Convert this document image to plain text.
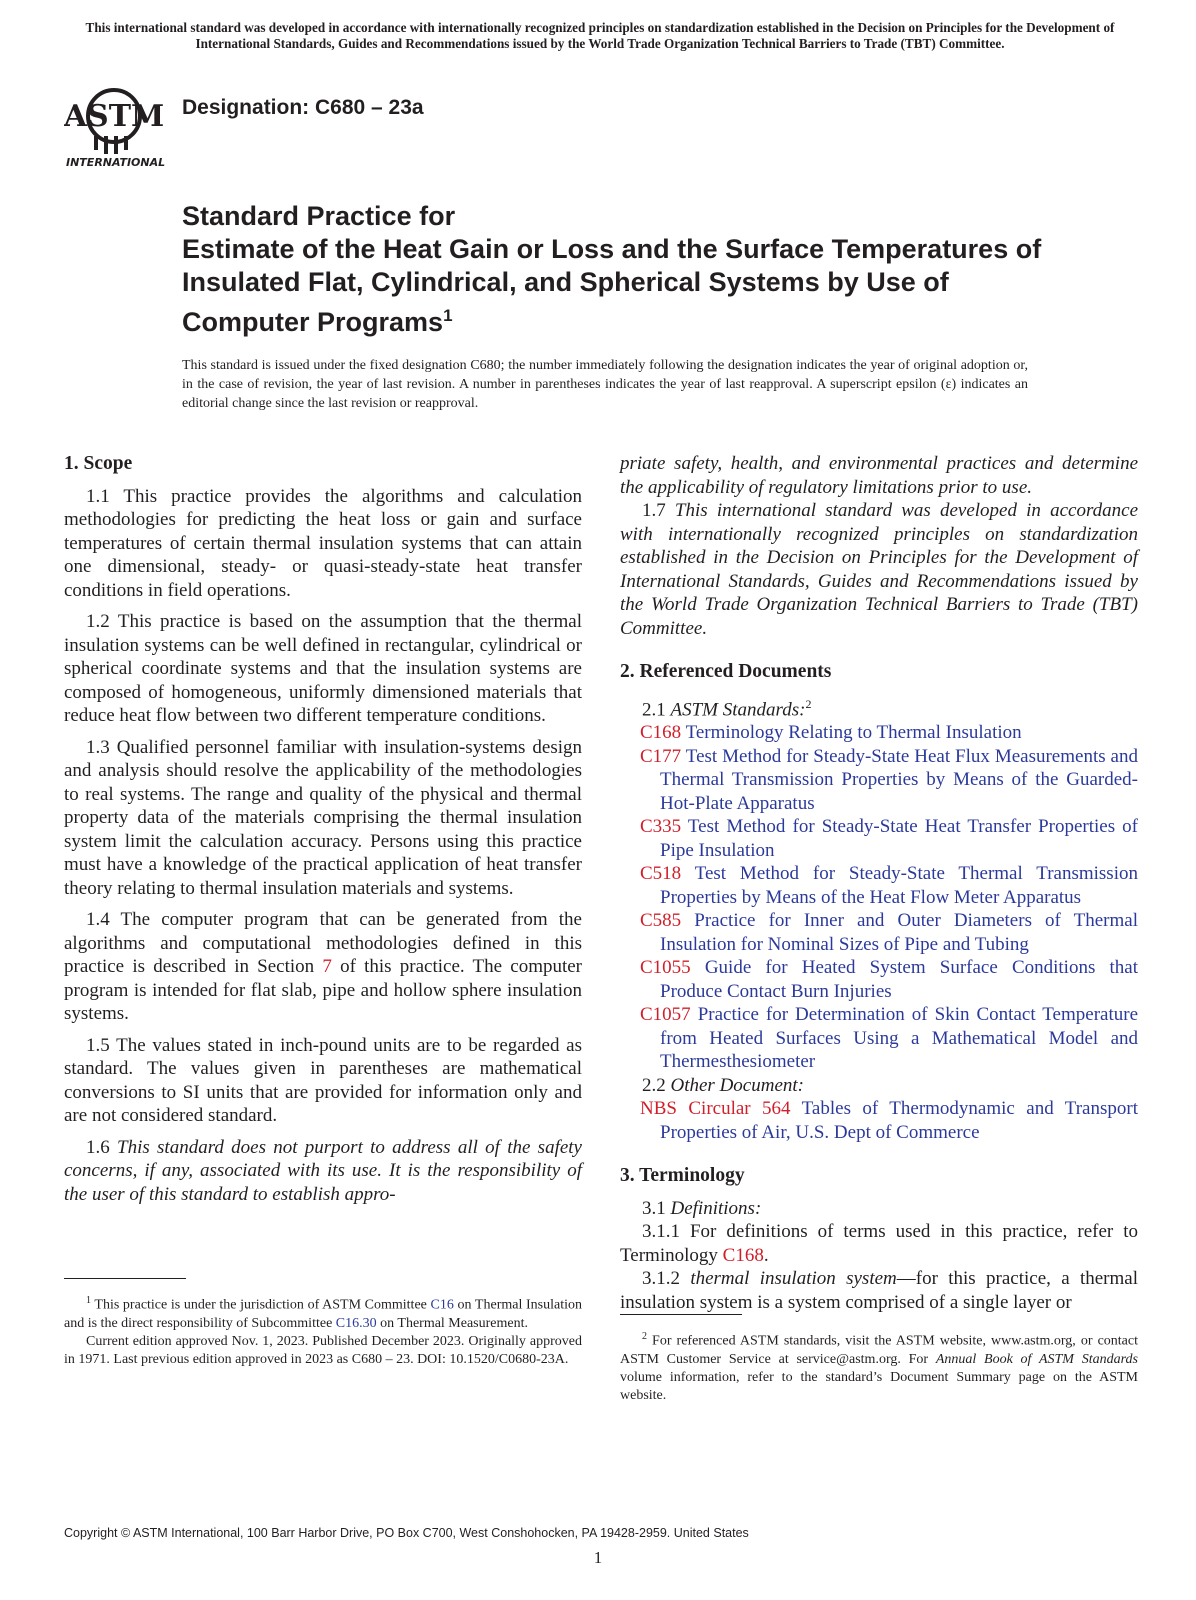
This international standard was developed in accordance with internationally recognized principles on standardization established in the Decision on Principles for the Development of International Standards, Guides and Recommendations issued by the World Trade Organization Technical Barriers to Trade (TBT) Committee.
ASTM
INTERNATIONAL
Designation: C680 – 23a
Standard Practice for
Estimate of the Heat Gain or Loss and the Surface Temperatures of Insulated Flat, Cylindrical, and Spherical Systems by Use of Computer Programs$^1$
This standard is issued under the fixed designation C680; the number immediately following the designation indicates the year of original adoption or, in the case of revision, the year of last revision. A number in parentheses indicates the year of last reapproval. A superscript epsilon (ε) indicates an editorial change since the last revision or reapproval.
1. Scope

1.1 This practice provides the algorithms and calculation methodologies for predicting the heat loss or gain and surface temperatures of certain thermal insulation systems that can attain one dimensional, steady- or quasi-steady-state heat transfer conditions in field operations.

1.2 This practice is based on the assumption that the thermal insulation systems can be well defined in rectangular, cylindrical or spherical coordinate systems and that the insulation systems are composed of homogeneous, uniformly dimensioned materials that reduce heat flow between two different temperature conditions.

1.3 Qualified personnel familiar with insulation-systems design and analysis should resolve the applicability of the methodologies to real systems. The range and quality of the physical and thermal property data of the materials comprising the thermal insulation system limit the calculation accuracy. Persons using this practice must have a knowledge of the practical application of heat transfer theory relating to thermal insulation materials and systems.

1.4 The computer program that can be generated from the algorithms and computational methodologies defined in this practice is described in Section 7 of this practice. The computer program is intended for flat slab, pipe and hollow sphere insulation systems.

1.5 The values stated in inch-pound units are to be regarded as standard. The values given in parentheses are mathematical conversions to SI units that are provided for information only and are not considered standard.

1.6 This standard does not purport to address all of the safety concerns, if any, associated with its use. It is the responsibility of the user of this standard to establish appro-

priate safety, health, and environmental practices and determine the applicability of regulatory limitations prior to use.

1.7 This international standard was developed in accordance with internationally recognized principles on standardization established in the Decision on Principles for the Development of International Standards, Guides and Recommendations issued by the World Trade Organization Technical Barriers to Trade (TBT) Committee.

2. Referenced Documents

2.1 ASTM Standards:$^2$

C168 Terminology Relating to Thermal Insulation

C177 Test Method for Steady-State Heat Flux Measurements and Thermal Transmission Properties by Means of the Guarded-Hot-Plate Apparatus

C335 Test Method for Steady-State Heat Transfer Properties of Pipe Insulation

C518 Test Method for Steady-State Thermal Transmission Properties by Means of the Heat Flow Meter Apparatus

C585 Practice for Inner and Outer Diameters of Thermal Insulation for Nominal Sizes of Pipe and Tubing

C1055 Guide for Heated System Surface Conditions that Produce Contact Burn Injuries

C1057 Practice for Determination of Skin Contact Temperature from Heated Surfaces Using a Mathematical Model and Thermesthesiometer

2.2 Other Document:

NBS Circular 564 Tables of Thermodynamic and Transport Properties of Air, U.S. Dept of Commerce

3. Terminology

3.1 Definitions:

3.1.1 For definitions of terms used in this practice, refer to Terminology C168.

3.1.2 thermal insulation system—for this practice, a thermal insulation system is a system comprised of a single layer or

$^1$ This practice is under the jurisdiction of ASTM Committee C16 on Thermal Insulation and is the direct responsibility of Subcommittee C16.30 on Thermal Measurement.

Current edition approved Nov. 1, 2023. Published December 2023. Originally approved in 1971. Last previous edition approved in 2023 as C680 – 23. DOI: 10.1520/C0680-23A.

$^2$ For referenced ASTM standards, visit the ASTM website, www.astm.org, or contact ASTM Customer Service at service@astm.org. For Annual Book of ASTM Standards volume information, refer to the standard’s Document Summary page on the ASTM website.

Copyright © ASTM International, 100 Barr Harbor Drive, PO Box C700, West Conshohocken, PA 19428-2959. United States
1
